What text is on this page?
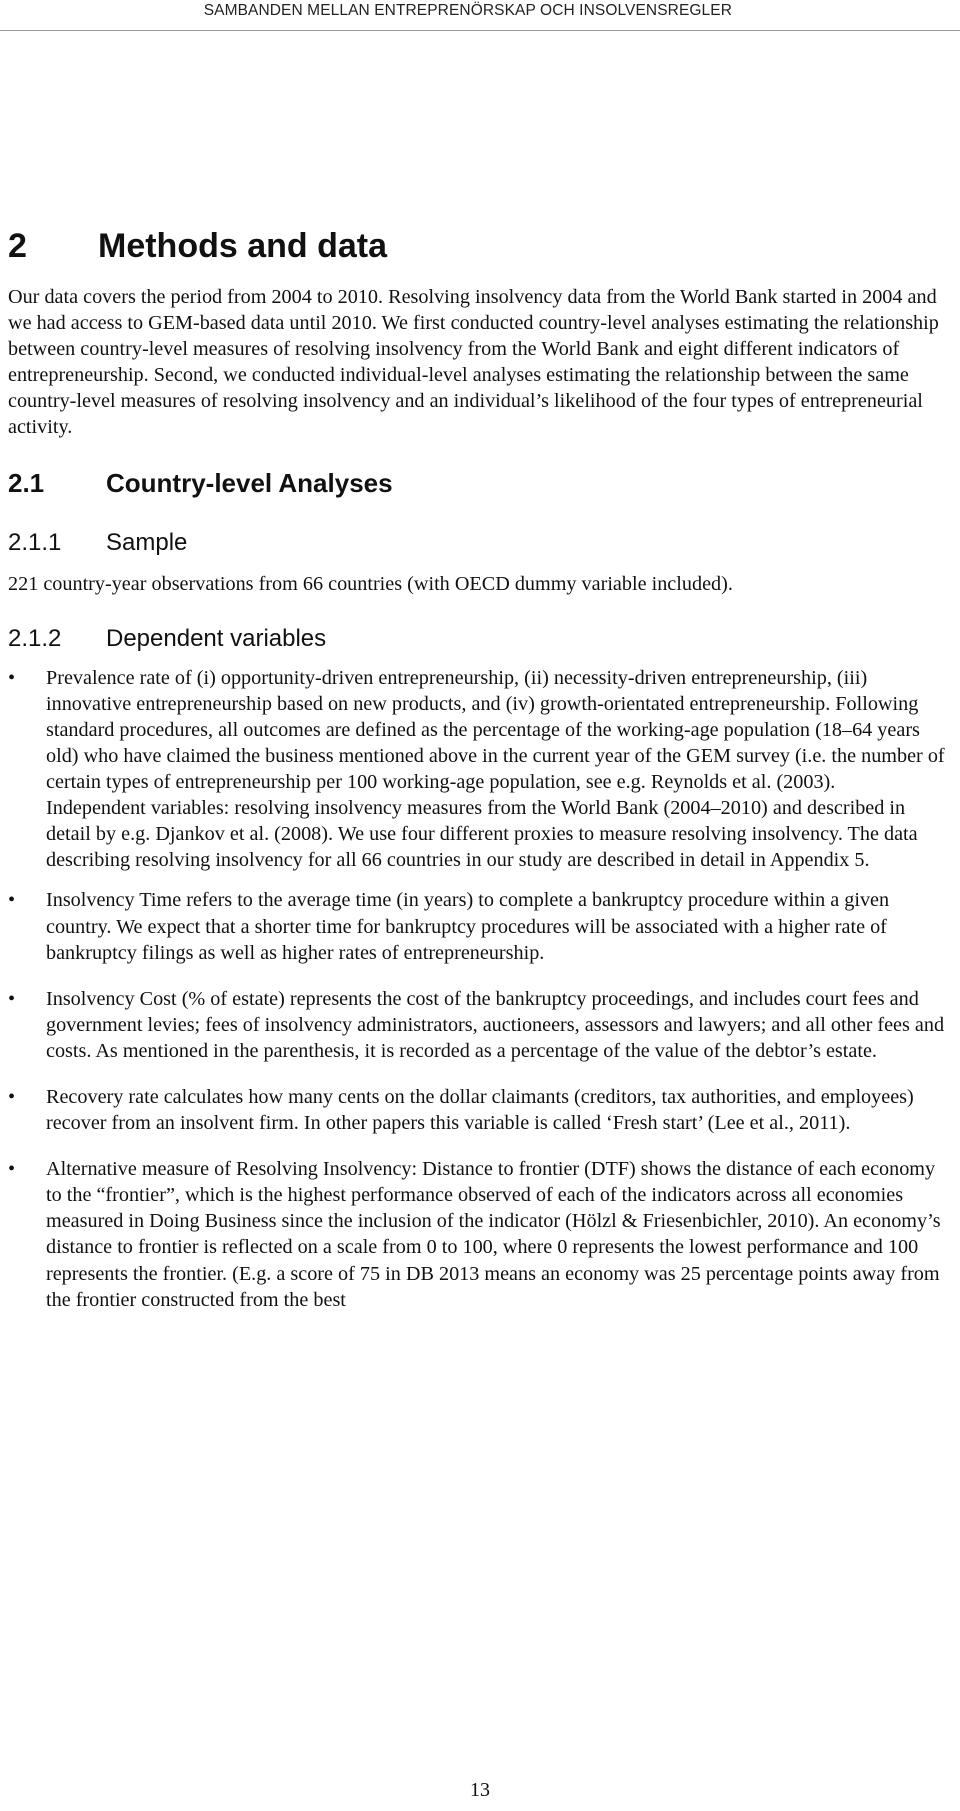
SAMBANDEN MELLAN ENTREPRENÖRSKAP OCH INSOLVENSREGLER
2 Methods and data

Our data covers the period from 2004 to 2010. Resolving insolvency data from the World Bank started in 2004 and we had access to GEM-based data until 2010. We first conducted country-level analyses estimating the relationship between country-level measures of resolving insolvency from the World Bank and eight different indicators of entrepreneurship. Second, we conducted individual-level analyses estimating the relationship between the same country-level measures of resolving insolvency and an individual’s likelihood of the four types of entrepreneurial activity.

2.1 Country-level Analyses
2.1.1 Sample

221 country-year observations from 66 countries (with OECD dummy variable included).

2.1.2 Dependent variables
• Prevalence rate of (i) opportunity-driven entrepreneurship, (ii) necessity-driven entrepreneurship, (iii) innovative entrepreneurship based on new products, and (iv) growth-orientated entrepreneurship. Following standard procedures, all outcomes are defined as the percentage of the working-age population (18–64 years old) who have claimed the business mentioned above in the current year of the GEM survey (i.e. the number of certain types of entrepreneurship per 100 working-age population, see e.g. Reynolds et al. (2003).

Independent variables: resolving insolvency measures from the World Bank (2004–2010) and described in detail by e.g. Djankov et al. (2008). We use four different proxies to measure resolving insolvency. The data describing resolving insolvency for all 66 countries in our study are described in detail in Appendix 5.

• Insolvency Time refers to the average time (in years) to complete a bankruptcy procedure within a given country. We expect that a shorter time for bankruptcy procedures will be associated with a higher rate of bankruptcy filings as well as higher rates of entrepreneurship.

• Insolvency Cost (% of estate) represents the cost of the bankruptcy proceedings, and includes court fees and government levies; fees of insolvency administrators, auctioneers, assessors and lawyers; and all other fees and costs. As mentioned in the parenthesis, it is recorded as a percentage of the value of the debtor’s estate.

• Recovery rate calculates how many cents on the dollar claimants (creditors, tax authorities, and employees) recover from an insolvent firm. In other papers this variable is called ‘Fresh start’ (Lee et al., 2011).

• Alternative measure of Resolving Insolvency: Distance to frontier (DTF) shows the distance of each economy to the “frontier”, which is the highest performance observed of each of the indicators across all economies measured in Doing Business since the inclusion of the indicator (Hölzl & Friesenbichler, 2010). An economy’s distance to frontier is reflected on a scale from 0 to 100, where 0 represents the lowest performance and 100 represents the frontier. (E.g. a score of 75 in DB 2013 means an economy was 25 percentage points away from the frontier constructed from the best

13
